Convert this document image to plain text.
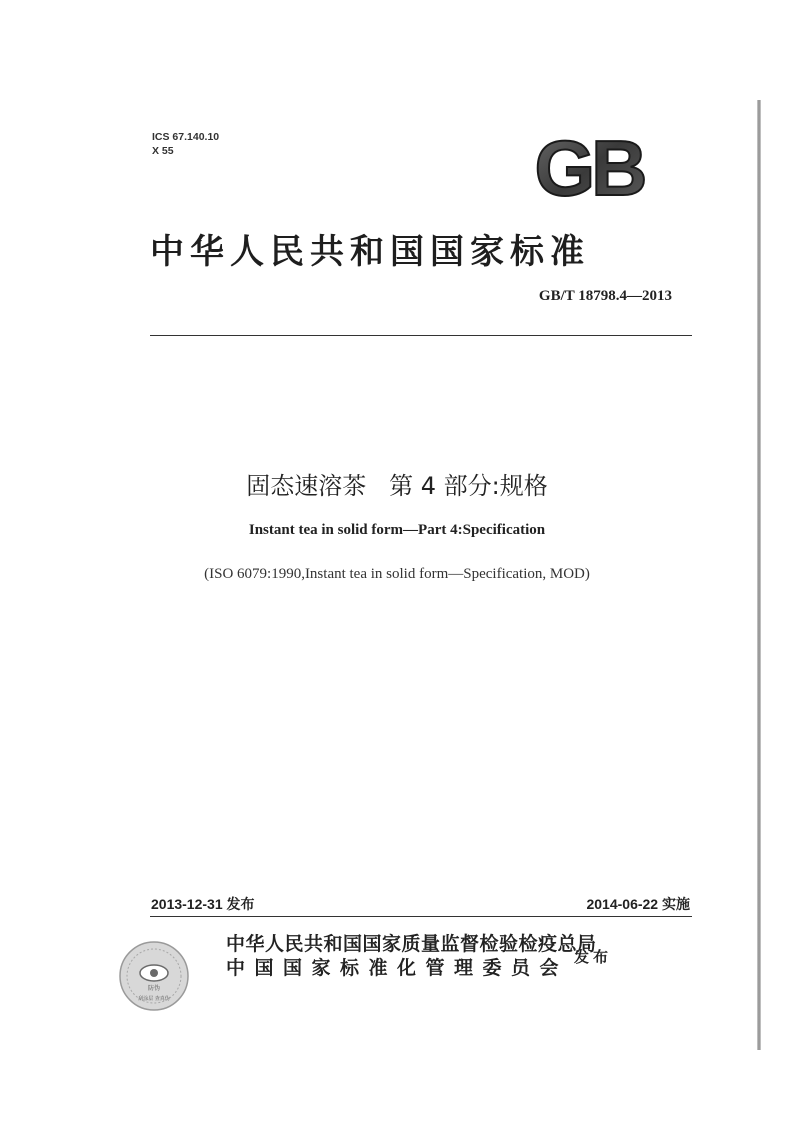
ICS 67.140.10
X 55	GB
中华人民共和国国家标准
GB/T 18798.4—2013
固态速溶茶   第 4 部分:规格
Instant tea in solid form—Part 4:Specification
(ISO 6079:1990,Instant tea in solid form—Specification, MOD)
2013-12-31 发布	2014-06-22 实施
防伪
刮涂层 查真伪
中华人民共和国国家质量监督检验检疫总局
中国国家标准化管理委员会 发布
